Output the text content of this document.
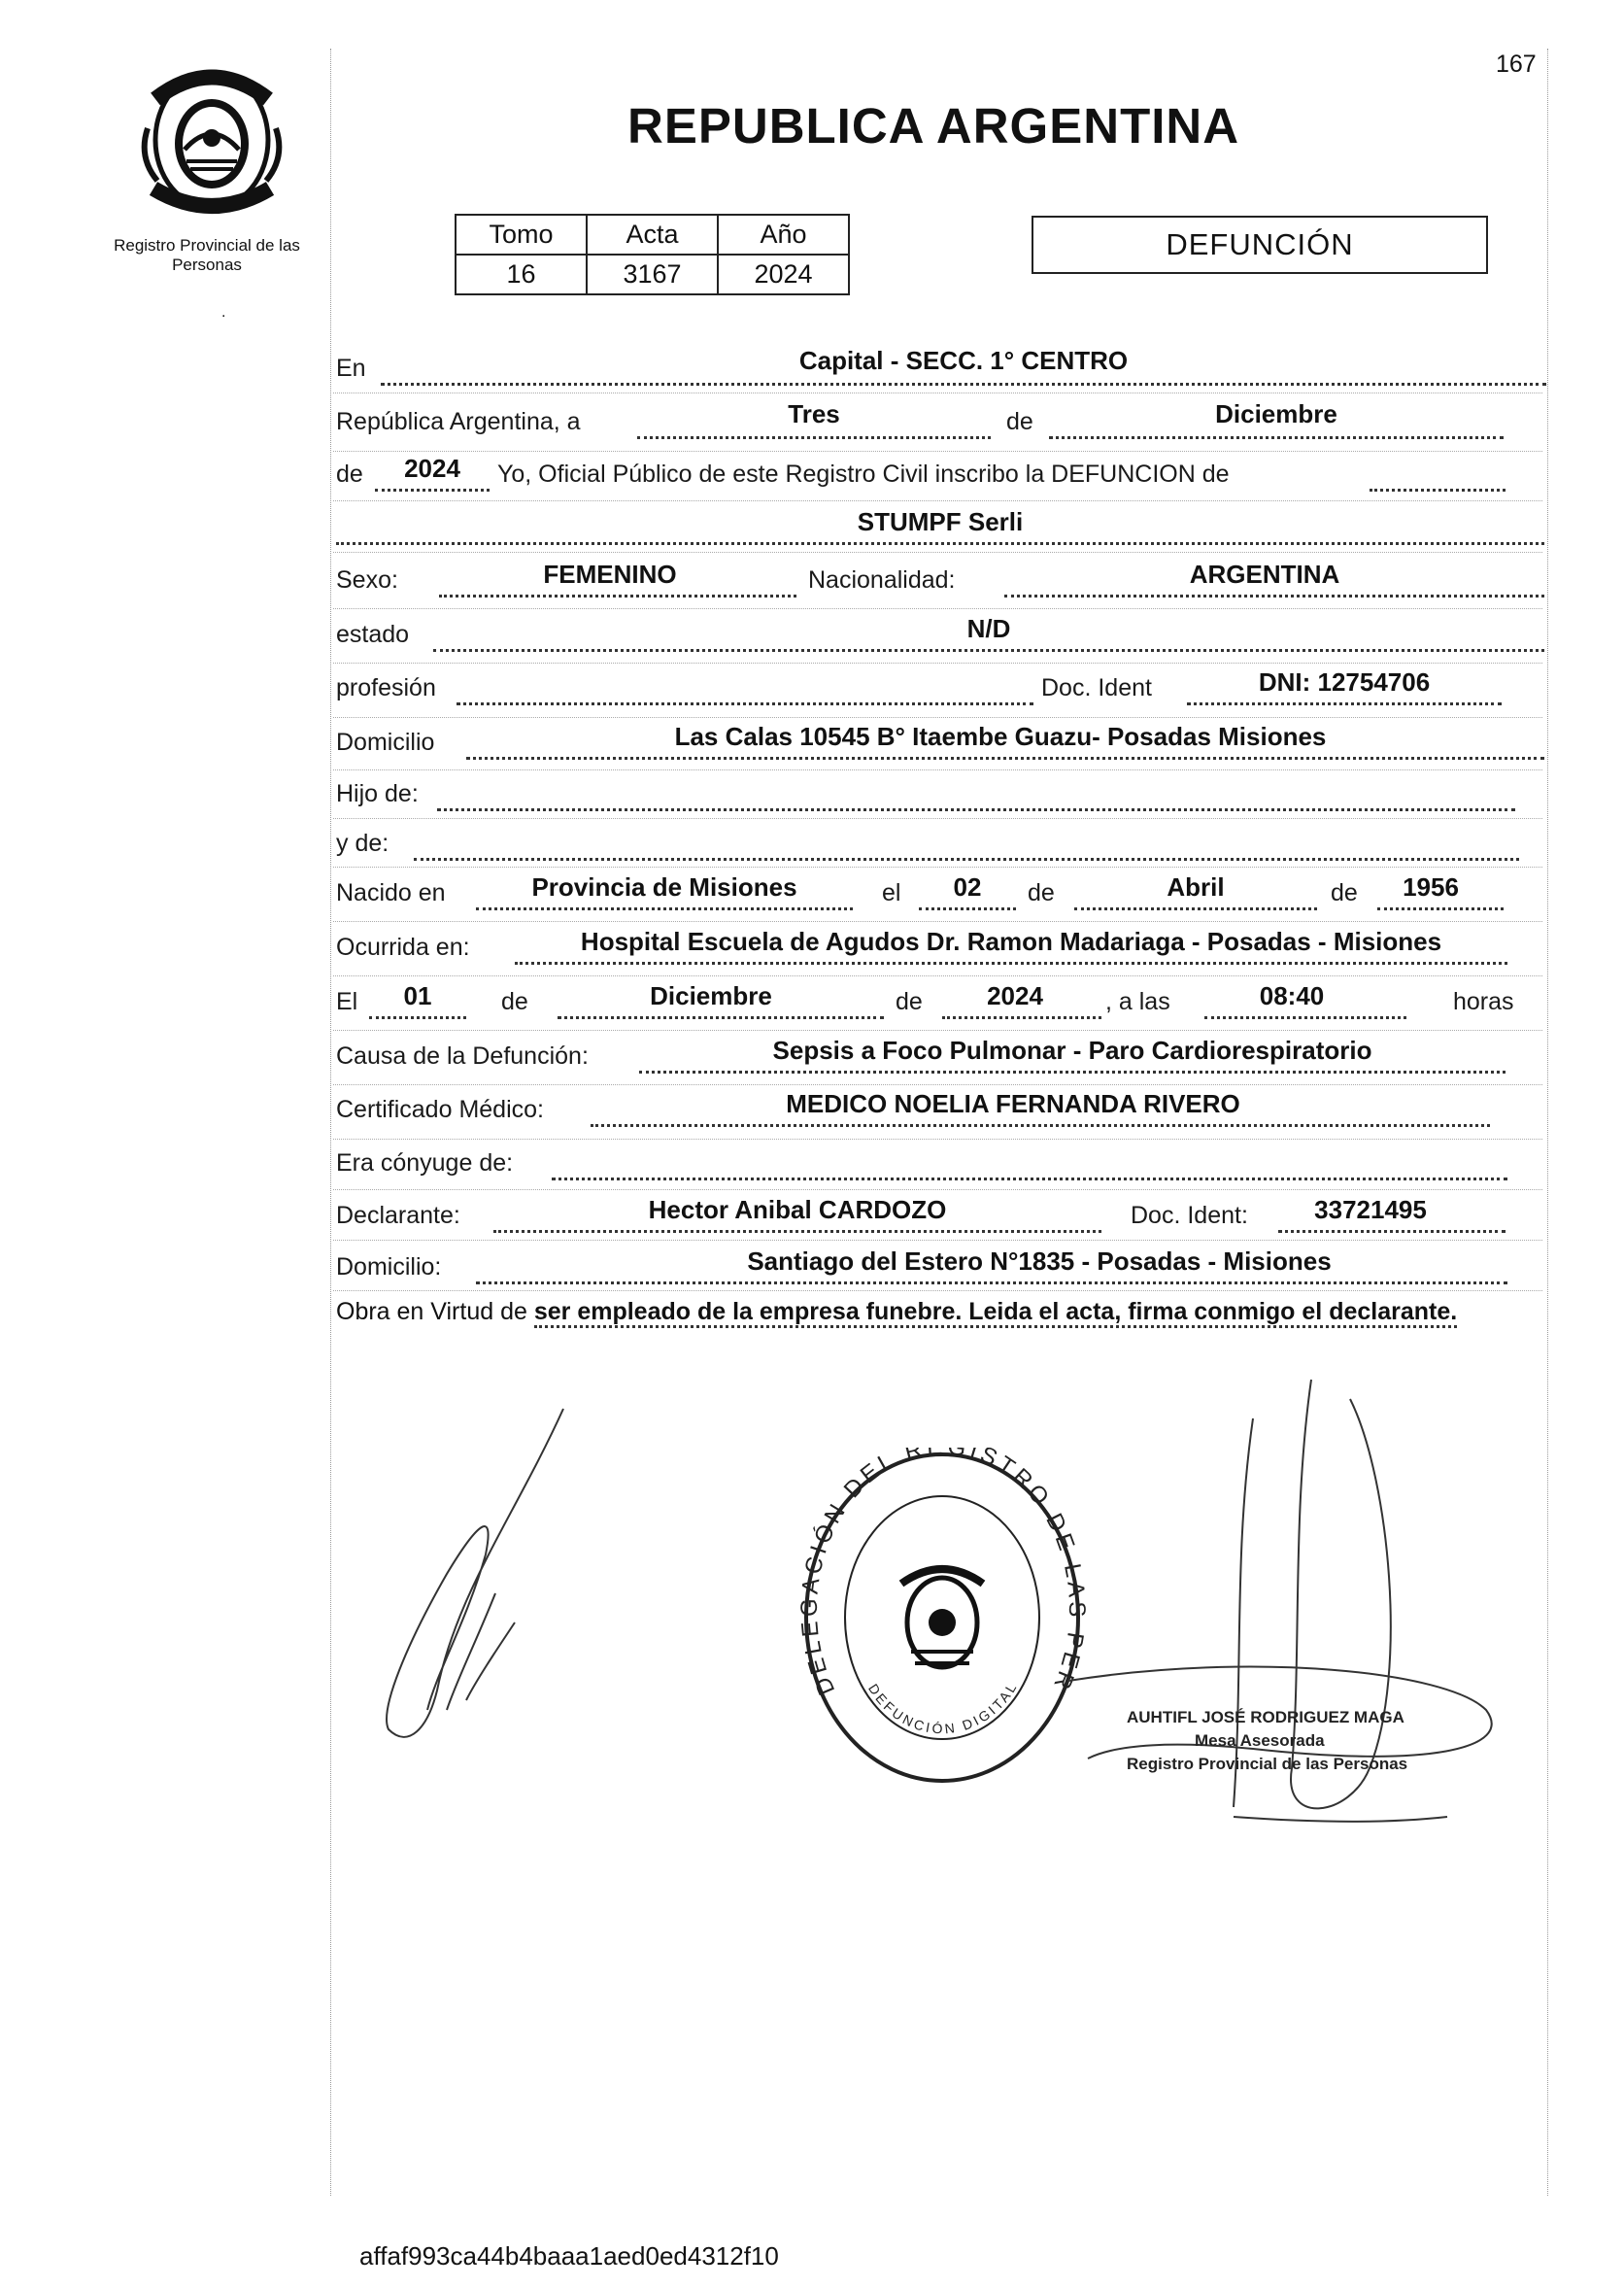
167
Registro Provincial de las Personas
.
REPUBLICA ARGENTINA
Tomo	Acta	Año
16	3167	2024
DEFUNCIÓN
En	Capital - SECC. 1° CENTRO
República Argentina, a	Tres	de	Diciembre
de	2024	Yo, Oficial Público de este Registro Civil inscribo la DEFUNCION de
STUMPF Serli
Sexo:	FEMENINO	Nacionalidad:	ARGENTINA
estado	N/D
profesión	Doc. Ident	DNI: 12754706
Domicilio	Las Calas 10545 B° Itaembe Guazu- Posadas Misiones
Hijo de:
y de:
Nacido en	Provincia de Misiones	el	02	de	Abril	de	1956
Ocurrida en:	Hospital Escuela de Agudos Dr. Ramon Madariaga - Posadas - Misiones
El	01	de	Diciembre	de	2024	, a las	08:40	horas
Causa de la Defunción:	Sepsis a Foco Pulmonar - Paro Cardiorespiratorio
Certificado Médico:	MEDICO NOELIA FERNANDA RIVERO
Era cónyuge de:
Declarante:	Hector Anibal CARDOZO	Doc. Ident:	33721495
Domicilio:	Santiago del Estero N°1835 - Posadas - Misiones
Obra en Virtud de ser empleado de la empresa funebre. Leida el acta, firma conmigo el declarante.
DELEGACIÓN DEL R GISTRO DE LAS PER
DEFUNCIÓN DIGITAL
AUHTIFL JOSÉ RODRIGUEZ MAGA
Mesa Asesorada
Registro Provincial de las Personas
affaf993ca44b4baaa1aed0ed4312f10
